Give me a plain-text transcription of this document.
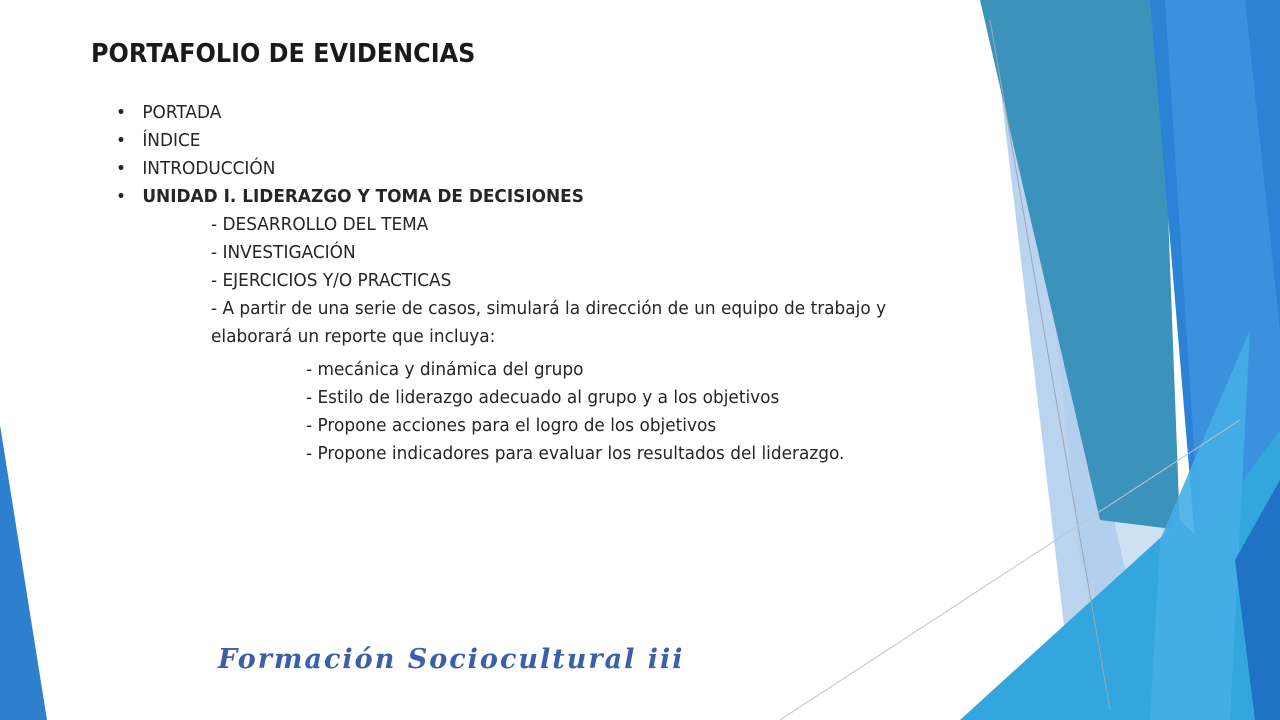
PORTAFOLIO DE EVIDENCIAS
• PORTADA
• ÍNDICE
• INTRODUCCIÓN
• UNIDAD I. LIDERAZGO Y TOMA DE DECISIONES
- DESARROLLO DEL TEMA
- INVESTIGACIÓN
- EJERCICIOS Y/O PRACTICAS
- A partir de una serie de casos, simulará la dirección de un equipo de trabajo y elaborará un reporte que incluya:
- mecánica y dinámica del grupo
- Estilo de liderazgo adecuado al grupo y a los objetivos
- Propone acciones para el logro de los objetivos
- Propone indicadores para evaluar los resultados del liderazgo.
Formación Sociocultural iii
